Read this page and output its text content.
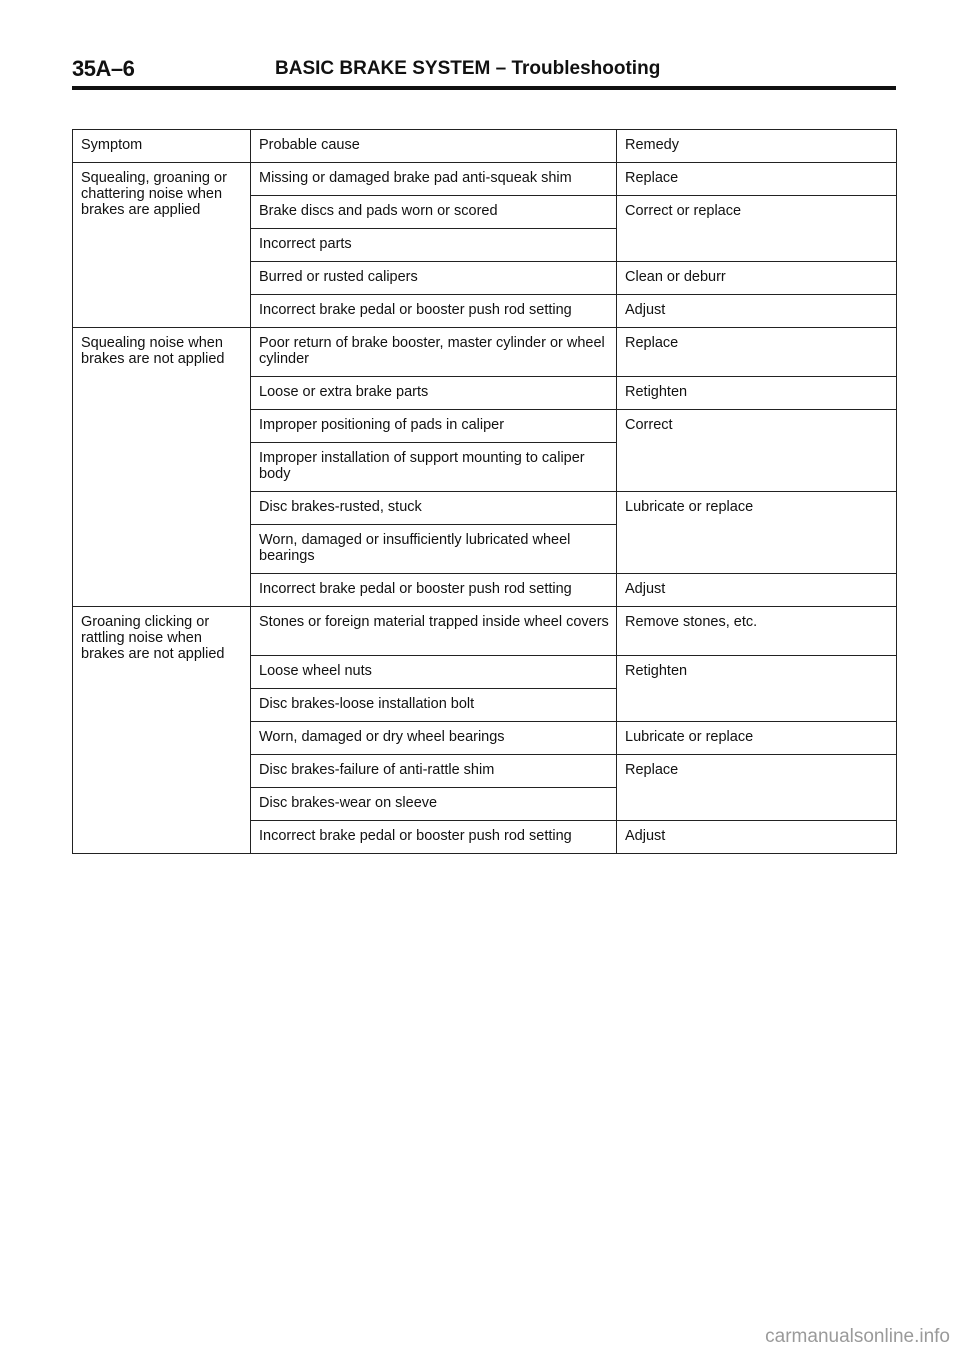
35A–6	BASIC BRAKE SYSTEM – Troubleshooting
Symptom	Probable cause	Remedy
Squealing, groaning or chattering noise when brakes are applied	Missing or damaged brake pad anti-squeak shim	Replace
	Brake discs and pads worn or scored	Correct or replace
	Incorrect parts	
	Burred or rusted calipers	Clean or deburr
	Incorrect brake pedal or booster push rod setting	Adjust
Squealing noise when brakes are not applied	Poor return of brake booster, master cylinder or wheel cylinder	Replace
	Loose or extra brake parts	Retighten
	Improper positioning of pads in caliper	Correct
	Improper installation of support mounting to caliper body	
	Disc brakes-rusted, stuck	Lubricate or replace
	Worn, damaged or insufficiently lubricated wheel bearings	
	Incorrect brake pedal or booster push rod setting	Adjust
Groaning clicking or rattling noise when brakes are not applied	Stones or foreign material trapped inside wheel covers	Remove stones, etc.
	Loose wheel nuts	Retighten
	Disc brakes-loose installation bolt	
	Worn, damaged or dry wheel bearings	Lubricate or replace
	Disc brakes-failure of anti-rattle shim	Replace
	Disc brakes-wear on sleeve	
	Incorrect brake pedal or booster push rod setting	Adjust
carmanualsonline.info
